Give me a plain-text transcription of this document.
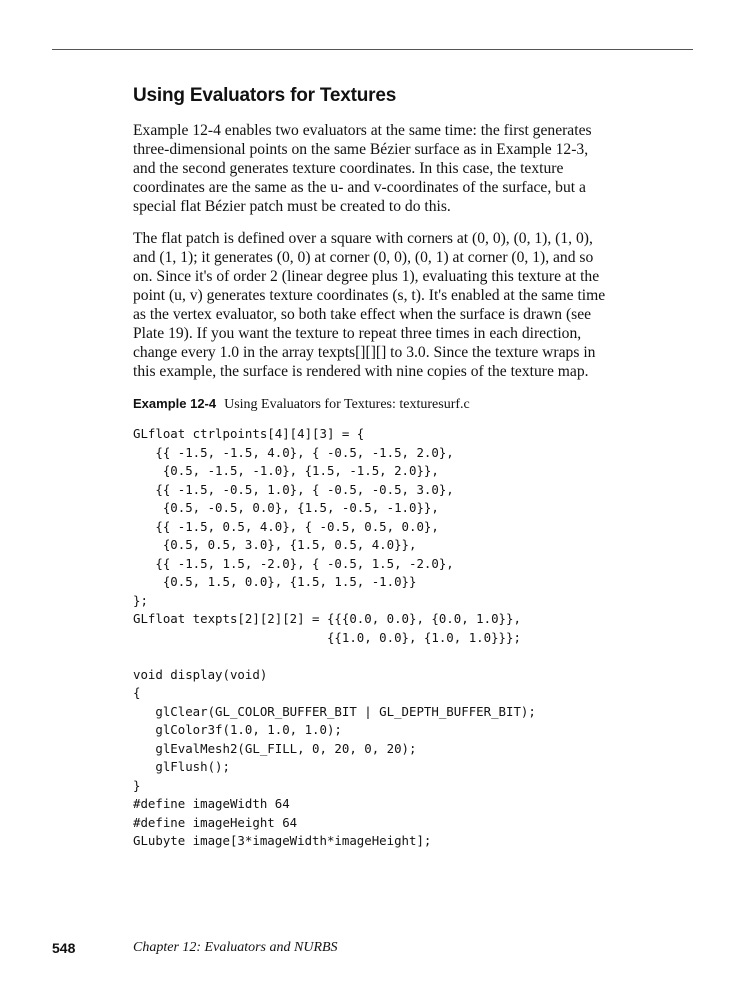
Using Evaluators for Textures

Example 12-4 enables two evaluators at the same time: the first generates
three-dimensional points on the same Bézier surface as in Example 12-3,
and the second generates texture coordinates. In this case, the texture
coordinates are the same as the u- and v-coordinates of the surface, but a
special flat Bézier patch must be created to do this.

The flat patch is defined over a square with corners at (0, 0), (0, 1), (1, 0),
and (1, 1); it generates (0, 0) at corner (0, 0), (0, 1) at corner (0, 1), and so
on. Since it's of order 2 (linear degree plus 1), evaluating this texture at the
point (u, v) generates texture coordinates (s, t). It's enabled at the same time
as the vertex evaluator, so both take effect when the surface is drawn (see
Plate 19). If you want the texture to repeat three times in each direction,
change every 1.0 in the array texpts[][][] to 3.0. Since the texture wraps in
this example, the surface is rendered with nine copies of the texture map.

Example 12-4 Using Evaluators for Textures: texturesurf.c

GLfloat ctrlpoints[4][4][3] = {
{{ -1.5, -1.5, 4.0}, { -0.5, -1.5, 2.0},
{0.5, -1.5, -1.0}, {1.5, -1.5, 2.0}},
{{ -1.5, -0.5, 1.0}, { -0.5, -0.5, 3.0},
{0.5, -0.5, 0.0}, {1.5, -0.5, -1.0}},
{{ -1.5, 0.5, 4.0}, { -0.5, 0.5, 0.0},
{0.5, 0.5, 3.0}, {1.5, 0.5, 4.0}},
{{ -1.5, 1.5, -2.0}, { -0.5, 1.5, -2.0},
{0.5, 1.5, 0.0}, {1.5, 1.5, -1.0}}
};
GLfloat texpts[2][2][2] = {{{0.0, 0.0}, {0.0, 1.0}},
{{1.0, 0.0}, {1.0, 1.0}}};
void display(void)
{
glClear(GL_COLOR_BUFFER_BIT | GL_DEPTH_BUFFER_BIT);
glColor3f(1.0, 1.0, 1.0);
glEvalMesh2(GL_FILL, 0, 20, 0, 20);
glFlush();
}
#define imageWidth 64
#define imageHeight 64
GLubyte image[3*imageWidth*imageHeight];

548	Chapter 12: Evaluators and NURBS
